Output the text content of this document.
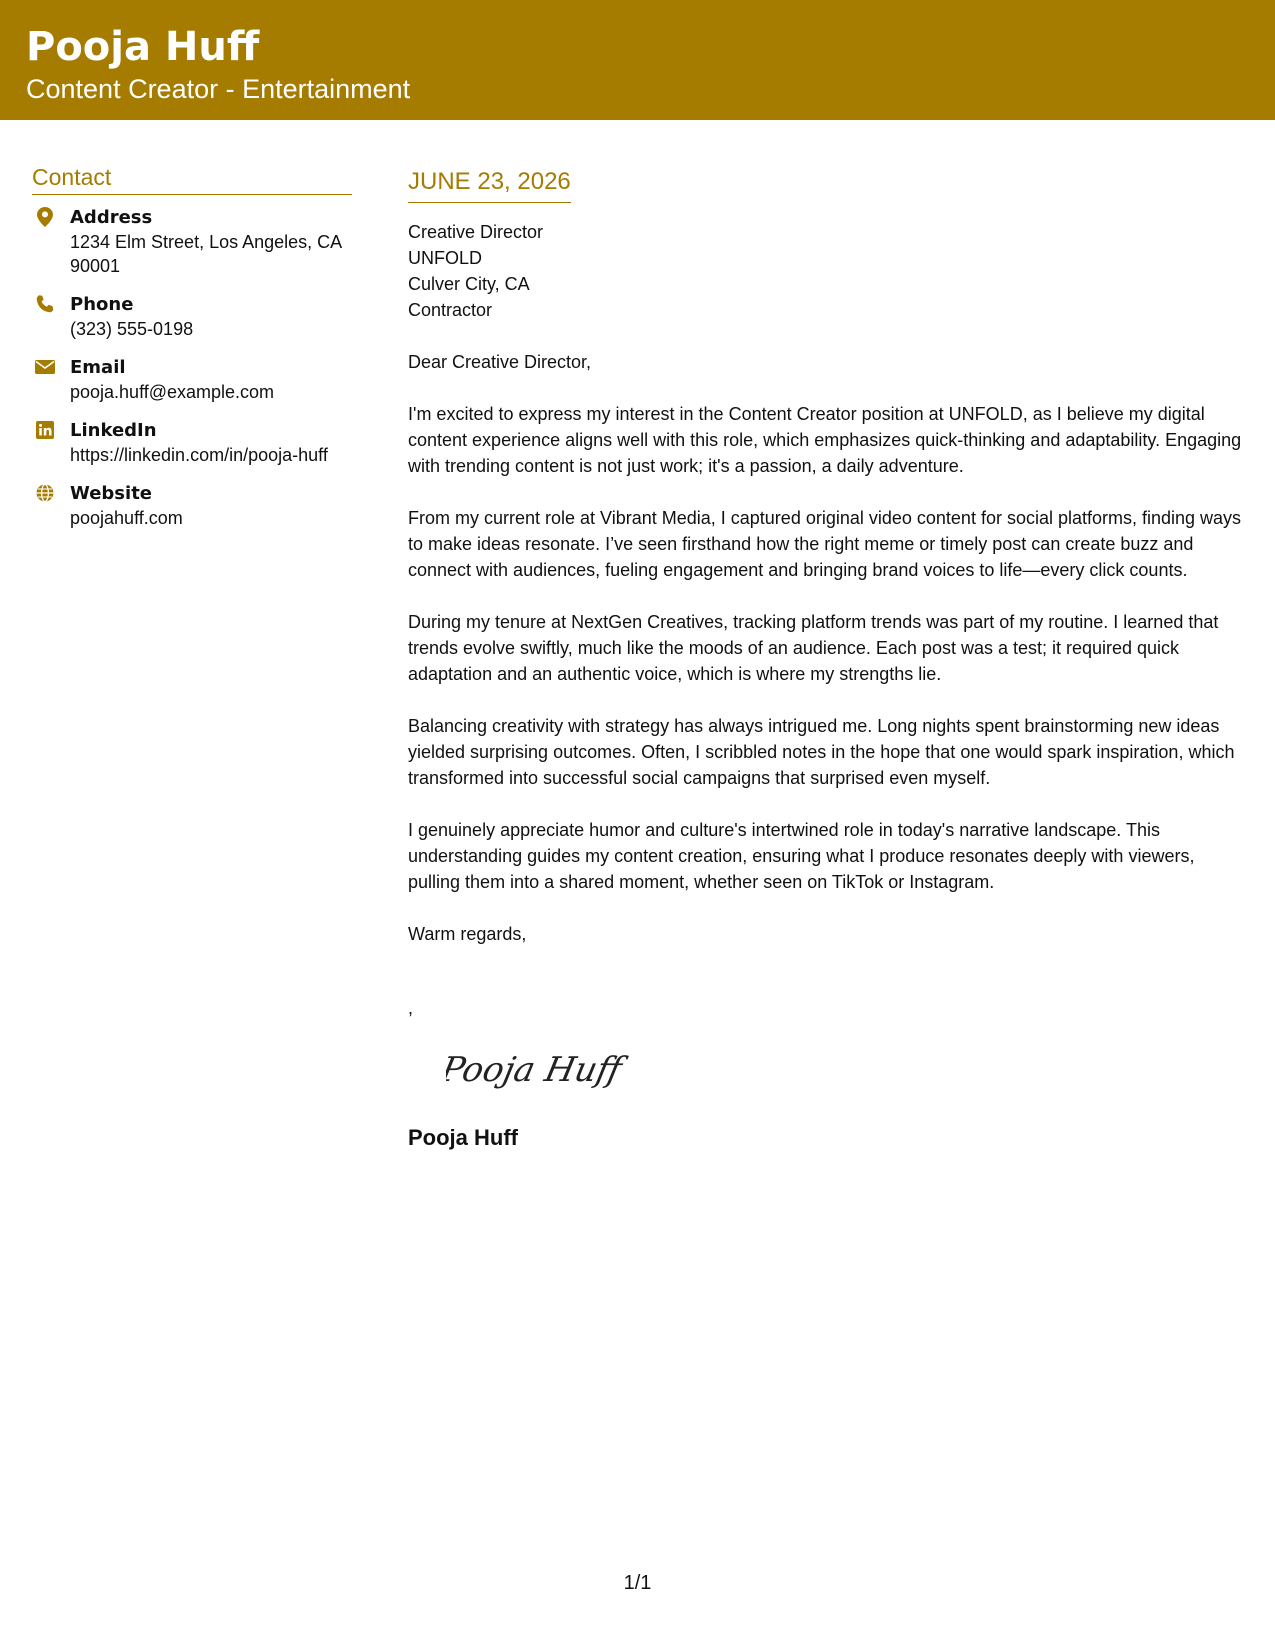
Pooja Huff
Content Creator - Entertainment
Contact
Address
1234 Elm Street, Los Angeles, CA 90001
Phone
(323) 555-0198
Email
pooja.huff@example.com
LinkedIn
https://linkedin.com/in/pooja-huff
Website
poojahuff.com
JUNE 23, 2026
Creative Director
UNFOLD
Culver City, CA
Contractor
Dear Creative Director,

I'm excited to express my interest in the Content Creator position at UNFOLD, as I believe my digital content experience aligns well with this role, which emphasizes quick-thinking and adaptability. Engaging with trending content is not just work; it's a passion, a daily adventure.

From my current role at Vibrant Media, I captured original video content for social platforms, finding ways to make ideas resonate. I’ve seen firsthand how the right meme or timely post can create buzz and connect with audiences, fueling engagement and bringing brand voices to life—every click counts.

During my tenure at NextGen Creatives, tracking platform trends was part of my routine. I learned that trends evolve swiftly, much like the moods of an audience. Each post was a test; it required quick adaptation and an authentic voice, which is where my strengths lie.

Balancing creativity with strategy has always intrigued me. Long nights spent brainstorming new ideas yielded surprising outcomes. Often, I scribbled notes in the hope that one would spark inspiration, which transformed into successful social campaigns that surprised even myself.

I genuinely appreciate humor and culture's intertwined role in today's narrative landscape. This understanding guides my content creation, ensuring what I produce resonates deeply with viewers, pulling them into a shared moment, whether seen on TikTok or Instagram.

Warm regards,
,
Pooja Huff
Pooja Huff
1/1
